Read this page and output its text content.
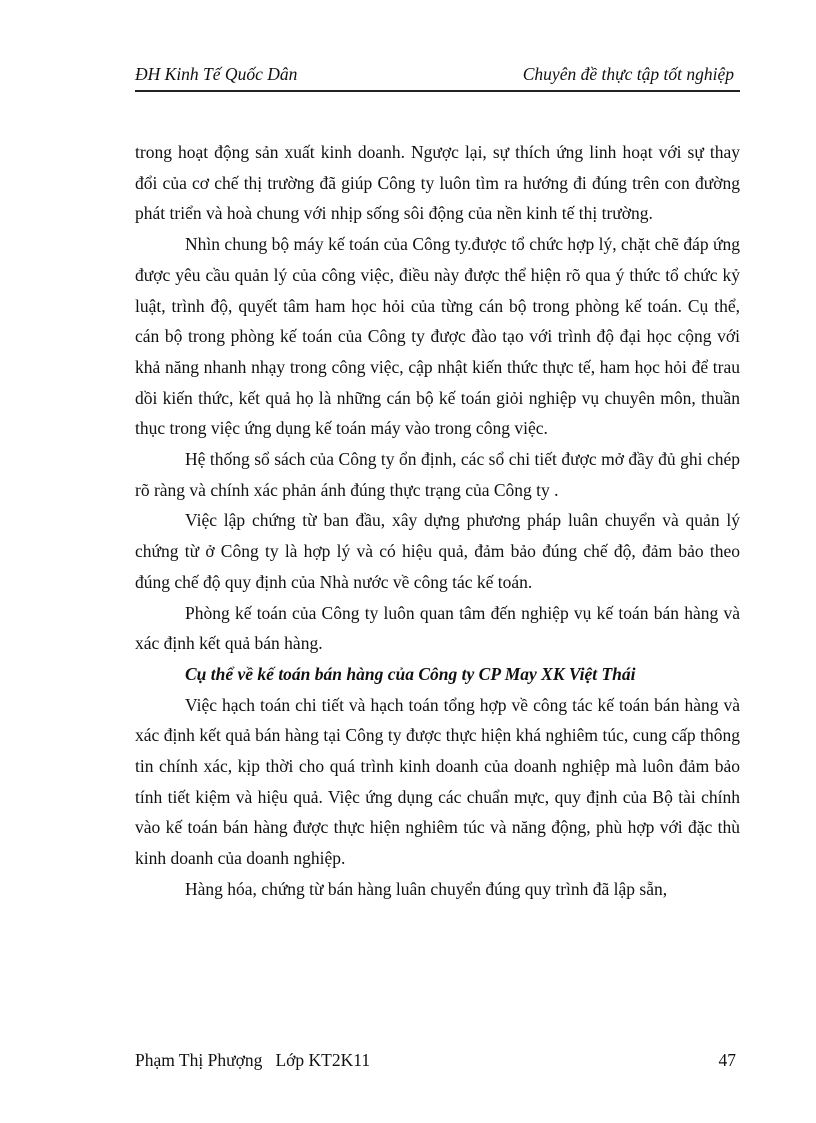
ĐH Kinh Tế Quốc Dân	Chuyên đề thực tập tốt nghiệp

trong hoạt động sản xuất kinh doanh. Ngược lại, sự thích ứng linh hoạt với sự thay đổi của cơ chế thị trường đã giúp Công ty luôn tìm ra hướng đi đúng trên con đường phát triển và hoà chung với nhịp sống sôi động của nền kinh tế thị trường.

Nhìn chung bộ máy kế toán của Công ty.được tổ chức hợp lý, chặt chẽ đáp ứng được yêu cầu quản lý của công việc, điều này được thể hiện rõ qua ý thức tổ chức kỷ luật, trình độ, quyết tâm ham học hỏi của từng cán bộ trong phòng kế toán. Cụ thể, cán bộ trong phòng kế toán của Công ty được đào tạo với trình độ đại học cộng với khả năng nhanh nhạy trong công việc, cập nhật kiến thức thực tế, ham học hỏi để trau dồi kiến thức, kết quả họ là những cán bộ kế toán giỏi nghiệp vụ chuyên môn, thuần thục trong việc ứng dụng kế toán máy vào trong công việc.

Hệ thống sổ sách của Công ty ổn định, các sổ chi tiết được mở đầy đủ ghi chép rõ ràng và chính xác phản ánh đúng thực trạng của Công ty .

Việc lập chứng từ ban đầu, xây dựng phương pháp luân chuyển và quản lý chứng từ ở Công ty là hợp lý và có hiệu quả, đảm bảo đúng chế độ, đảm bảo theo đúng chế độ quy định của Nhà nước về công tác kế toán.

Phòng kế toán của Công ty luôn quan tâm đến nghiệp vụ kế toán bán hàng và xác định kết quả bán hàng.

Cụ thể về kế toán bán hàng của Công ty CP May XK Việt Thái

Việc hạch toán chi tiết và hạch toán tổng hợp về công tác kế toán bán hàng và xác định kết quả bán hàng tại Công ty được thực hiện khá nghiêm túc, cung cấp thông tin chính xác, kịp thời cho quá trình kinh doanh của doanh nghiệp mà luôn đảm bảo tính tiết kiệm và hiệu quả. Việc ứng dụng các chuẩn mực, quy định của Bộ tài chính vào kế toán bán hàng được thực hiện nghiêm túc và năng động, phù hợp với đặc thù kinh doanh của doanh nghiệp.

Hàng hóa, chứng từ bán hàng luân chuyển đúng quy trình đã lập sẵn,

Phạm Thị Phượng   Lớp KT2K11	47
